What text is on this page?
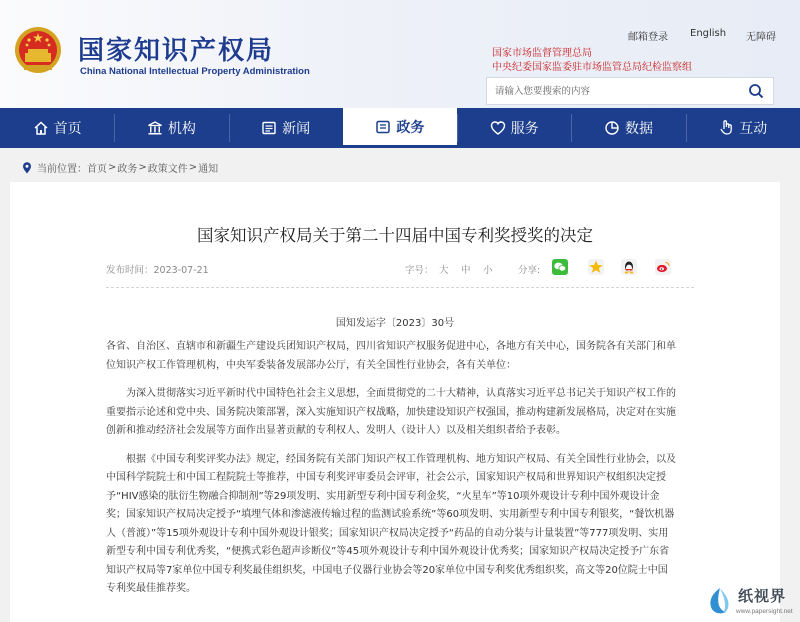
国家知识产权局
China National Intellectual Property Administration
邮箱登录 English 无障碍
国家市场监督管理总局
中央纪委国家监委驻市场监管总局纪检监察组
请输入您要搜索的内容
首页	机构	新闻	政务	服务	数据	互动
当前位置： 首页 > 政务 > 政策文件 > 通知
国家知识产权局关于第二十四届中国专利奖授奖的决定
发布时间：2023-07-21	字号： 大 中 小	分享:
国知发运字〔2023〕30号

各省、自治区、直辖市和新疆生产建设兵团知识产权局，四川省知识产权服务促进中心，各地方有关中心，国务院各有关部门和单位知识产权工作管理机构，中央军委装备发展部办公厅，有关全国性行业协会，各有关单位：

为深入贯彻落实习近平新时代中国特色社会主义思想，全面贯彻党的二十大精神，认真落实习近平总书记关于知识产权工作的重要指示论述和党中央、国务院决策部署，深入实施知识产权战略，加快建设知识产权强国，推动构建新发展格局，决定对在实施创新和推动经济社会发展等方面作出显著贡献的专利权人、发明人（设计人）以及相关组织者给予表彰。

根据《中国专利奖评奖办法》规定，经国务院有关部门知识产权工作管理机构、地方知识产权局、有关全国性行业协会，以及中国科学院院士和中国工程院院士等推荐，中国专利奖评审委员会评审，社会公示，国家知识产权局和世界知识产权组织决定授予“HIV感染的肽衍生物融合抑制剂”等29项发明、实用新型专利中国专利金奖，“火星车”等10项外观设计专利中国外观设计金奖；国家知识产权局决定授予“填埋气体和渗滤液传输过程的监测试验系统”等60项发明、实用新型专利中国专利银奖，“餐饮机器人（普渡）”等15项外观设计专利中国外观设计银奖；国家知识产权局决定授予“药品的自动分装与计量装置”等777项发明、实用新型专利中国专利优秀奖，“便携式彩色超声诊断仪”等45项外观设计专利中国外观设计优秀奖；国家知识产权局决定授予广东省知识产权局等7家单位中国专利奖最佳组织奖，中国电子仪器行业协会等20家单位中国专利奖优秀组织奖，高文等20位院士中国专利奖最佳推荐奖。	纸视界
www.papersight.net
